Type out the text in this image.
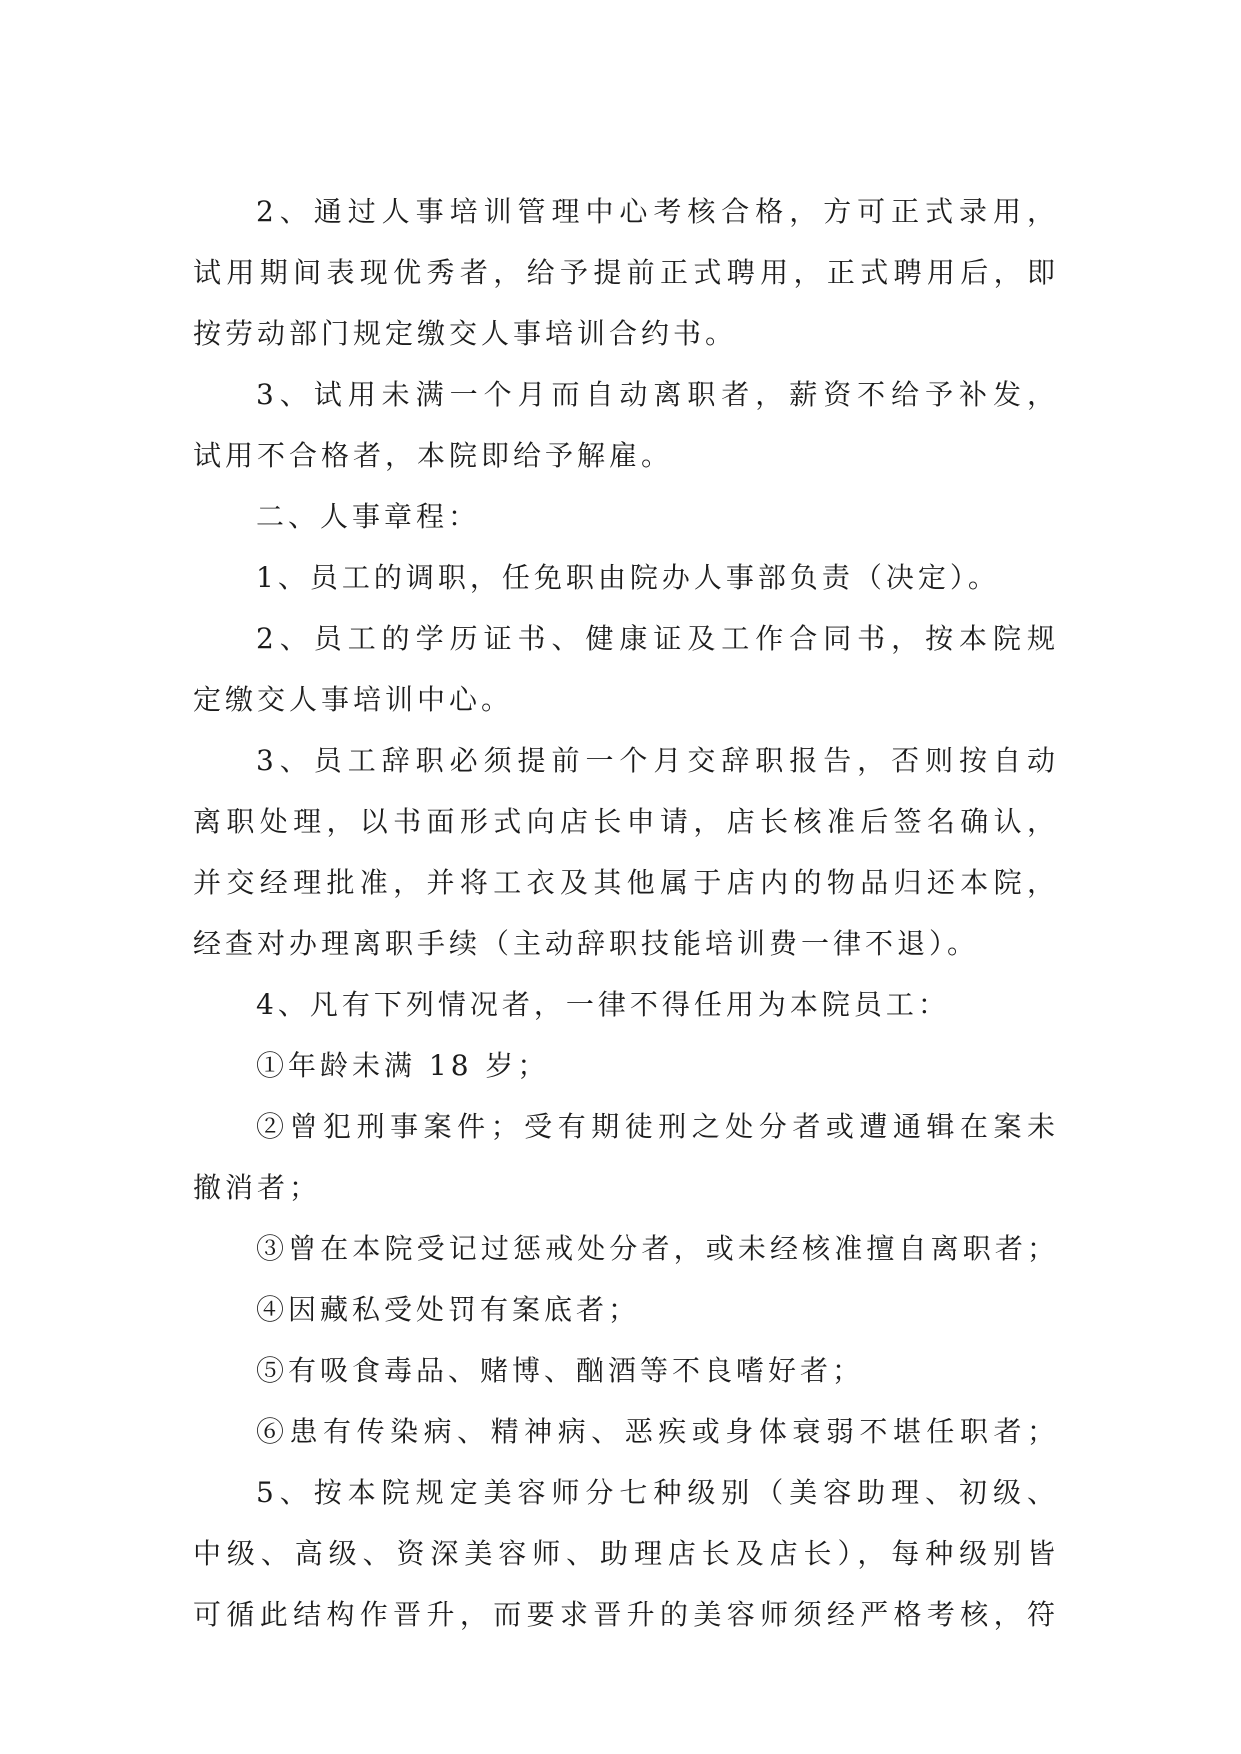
2、通过人事培训管理中心考核合格，方可正式录用，
试用期间表现优秀者，给予提前正式聘用，正式聘用后，即
按劳动部门规定缴交人事培训合约书。
3、试用未满一个月而自动离职者，薪资不给予补发，
试用不合格者，本院即给予解雇。
二、人事章程：
1、员工的调职，任免职由院办人事部负责（决定）。
2、员工的学历证书、健康证及工作合同书，按本院规
定缴交人事培训中心。
3、员工辞职必须提前一个月交辞职报告，否则按自动
离职处理，以书面形式向店长申请，店长核准后签名确认，
并交经理批准，并将工衣及其他属于店内的物品归还本院，
经查对办理离职手续（主动辞职技能培训费一律不退）。
4、凡有下列情况者，一律不得任用为本院员工：
①年龄未满 18 岁；
②曾犯刑事案件；受有期徒刑之处分者或遭通辑在案未
撤消者；
③曾在本院受记过惩戒处分者，或未经核准擅自离职者；
④因藏私受处罚有案底者；
⑤有吸食毒品、赌博、酗酒等不良嗜好者；
⑥患有传染病、精神病、恶疾或身体衰弱不堪任职者；
5、按本院规定美容师分七种级别（美容助理、初级、
中级、高级、资深美容师、助理店长及店长），每种级别皆
可循此结构作晋升，而要求晋升的美容师须经严格考核，符
